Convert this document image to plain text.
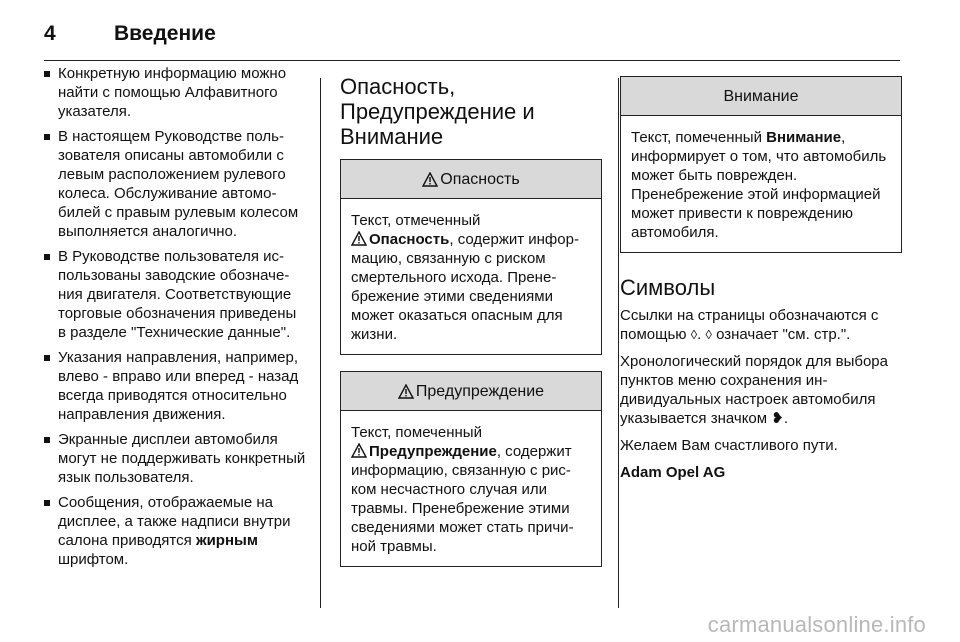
4	Введение
Конкретную информацию можно найти с помощью Алфавитного указателя.
В настоящем Руководстве пользователя описаны автомобили с левым расположением рулевого колеса. Обслуживание автомобилей с правым рулевым колесом выполняется аналогично.
В Руководстве пользователя использованы заводские обозначения двигателя. Соответствующие торговые обозначения приведены в разделе "Технические данные".
Указания направления, например, влево - вправо или вперед - назад всегда приводятся относительно направления движения.
Экранные дисплеи автомобиля могут не поддерживать конкретный язык пользователя.
Сообщения, отображаемые на дисплее, а также надписи внутри салона приводятся жирным шрифтом.
Опасность, Предупреждение и Внимание
Опасность
Текст, отмеченный

Опасность, содержит информацию, связанную с риском смертельного исхода. Пренебрежение этими сведениями может оказаться опасным для жизни.
Предупреждение
Текст, помеченный

Предупреждение, содержит информацию, связанную с риском несчастного случая или травмы. Пренебрежение этими сведениями может стать причиной травмы.
Внимание
Текст, помеченный Внимание, информирует о том, что автомобиль может быть поврежден. Пренебрежение этой информацией может привести к повреждению автомобиля.
Символы

Ссылки на страницы обозначаются с помощью ◊. ◊ означает "см. стр.".

Хронологический порядок для выбора пунктов меню сохранения индивидуальных настроек автомобиля указывается значком ❥.

Желаем Вам счастливого пути.

Adam Opel AG

carmanualsonline.info
